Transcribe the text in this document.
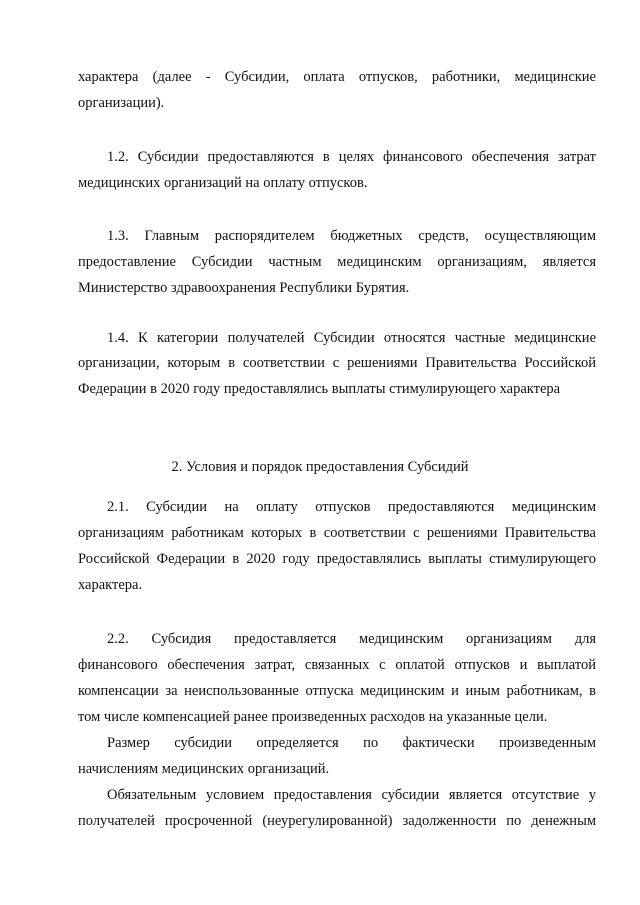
характера (далее - Субсидии, оплата отпусков, работники, медицинские
организации).
1.2. Субсидии предоставляются в целях финансового обеспечения затрат
медицинских организаций на оплату отпусков.
1.3. Главным распорядителем бюджетных средств, осуществляющим
предоставление Субсидии частным медицинским организациям, является
Министерство здравоохранения Республики Бурятия.
1.4. К категории получателей Субсидии относятся частные медицинские
организации, которым в соответствии с решениями Правительства Российской
Федерации в 2020 году предоставлялись выплаты стимулирующего характера
2. Условия и порядок предоставления Субсидий
2.1. Субсидии на оплату отпусков предоставляются медицинским
организациям работникам которых в соответствии с решениями Правительства
Российской Федерации в 2020 году предоставлялись выплаты стимулирующего
характера.
2.2. Субсидия предоставляется медицинским организациям для
финансового обеспечения затрат, связанных с оплатой отпусков и выплатой
компенсации за неиспользованные отпуска медицинским и иным работникам, в
том числе компенсацией ранее произведенных расходов на указанные цели.
Размер субсидии определяется по фактически произведенным
начислениям медицинских организаций.
Обязательным условием предоставления субсидии является отсутствие у
получателей просроченной (неурегулированной) задолженности по денежным
